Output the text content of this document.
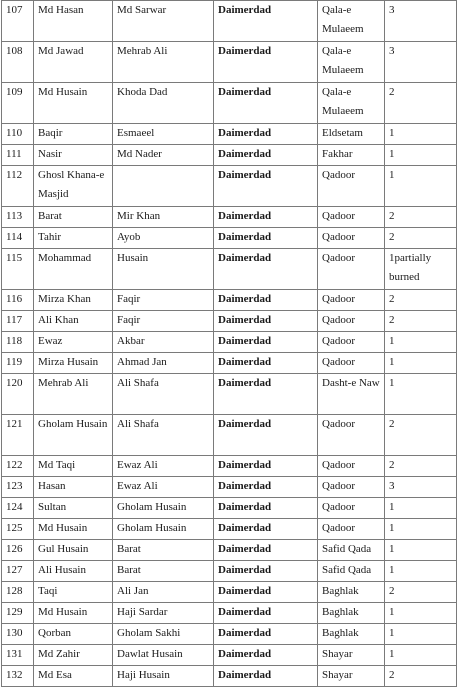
107	Md Hasan	Md Sarwar	Daimerdad	Qala-e Mulaeem	3
108	Md Jawad	Mehrab Ali	Daimerdad	Qala-e Mulaeem	3
109	Md Husain	Khoda Dad	Daimerdad	Qala-e Mulaeem	2
110	Baqir	Esmaeel	Daimerdad	Eldsetam	1
111	Nasir	Md Nader	Daimerdad	Fakhar	1
112	Ghosl Khana-e Masjid		Daimerdad	Qadoor	1
113	Barat	Mir Khan	Daimerdad	Qadoor	2
114	Tahir	Ayob	Daimerdad	Qadoor	2
115	Mohammad	Husain	Daimerdad	Qadoor	1partially burned
116	Mirza Khan	Faqir	Daimerdad	Qadoor	2
117	Ali Khan	Faqir	Daimerdad	Qadoor	2
118	Ewaz	Akbar	Daimerdad	Qadoor	1
119	Mirza Husain	Ahmad Jan	Daimerdad	Qadoor	1
120	Mehrab Ali	Ali Shafa	Daimerdad	Dasht-e Naw	1
121	Gholam Husain	Ali Shafa	Daimerdad	Qadoor	2
122	Md Taqi	Ewaz Ali	Daimerdad	Qadoor	2
123	Hasan	Ewaz Ali	Daimerdad	Qadoor	3
124	Sultan	Gholam Husain	Daimerdad	Qadoor	1
125	Md Husain	Gholam Husain	Daimerdad	Qadoor	1
126	Gul Husain	Barat	Daimerdad	Safid Qada	1
127	Ali Husain	Barat	Daimerdad	Safid Qada	1
128	Taqi	Ali Jan	Daimerdad	Baghlak	2
129	Md Husain	Haji Sardar	Daimerdad	Baghlak	1
130	Qorban	Gholam Sakhi	Daimerdad	Baghlak	1
131	Md Zahir	Dawlat Husain	Daimerdad	Shayar	1
132	Md Esa	Haji Husain	Daimerdad	Shayar	2
